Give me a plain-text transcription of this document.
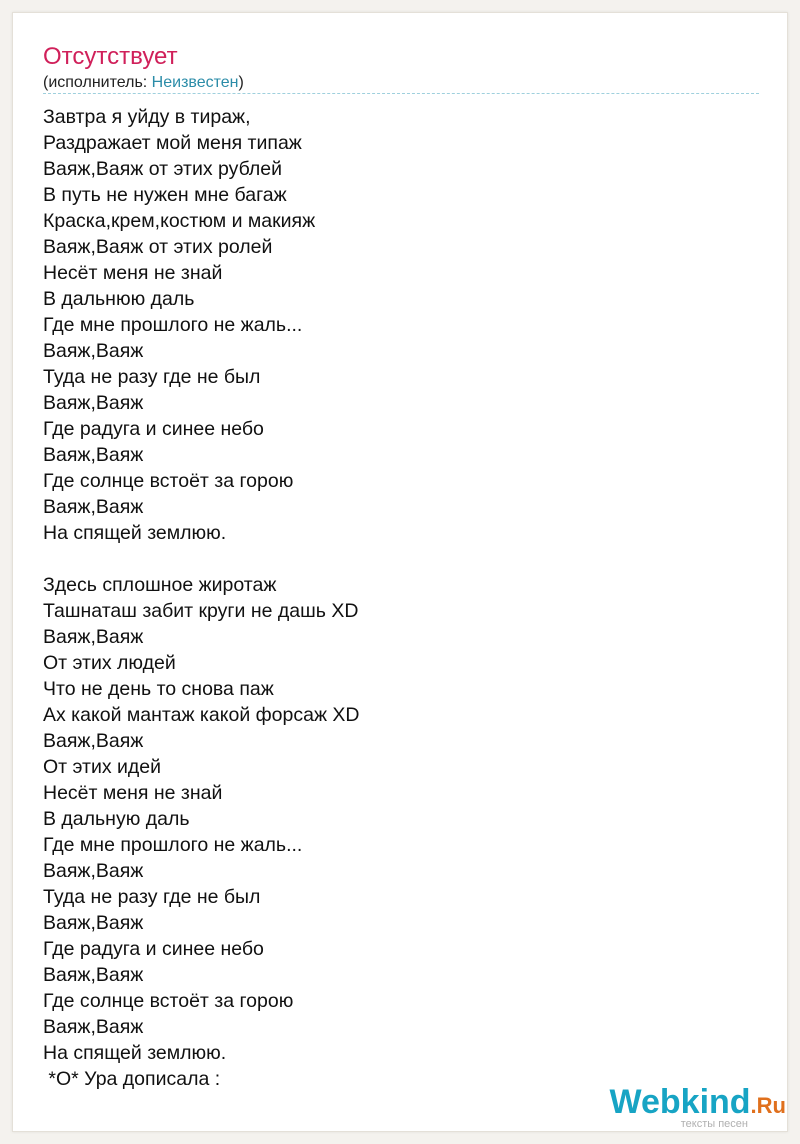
Отсутствует
(исполнитель: Неизвестен)
Завтра я уйду в тираж,
Раздражает мой меня типаж
Ваяж,Ваяж от этих рублей
В путь не нужен мне багаж
Краска,крем,костюм и макияж
Ваяж,Ваяж от этих ролей
Несёт меня не знай
В дальнюю даль
Где мне прошлого не жаль...
Ваяж,Ваяж
Туда не разу где не был
Ваяж,Ваяж
Где радуга и синее небо
Ваяж,Ваяж
Где солнце встоёт за горою
Ваяж,Ваяж
На спящей землюю.
Здесь сплошное жиротаж
Ташнаташ забит круги не дашь XD
Ваяж,Ваяж
От этих людей
Что не день то снова паж
Ах какой мантаж какой форсаж XD
Ваяж,Ваяж
От этих идей
Несёт меня не знай
В дальную даль
Где мне прошлого не жаль...
Ваяж,Ваяж
Туда не разу где не был
Ваяж,Ваяж
Где радуга и синее небо
Ваяж,Ваяж
Где солнце встоёт за горою
Ваяж,Ваяж
На спящей землюю.
*О* Ура дописала :
Webkind.Ru
тексты песен
